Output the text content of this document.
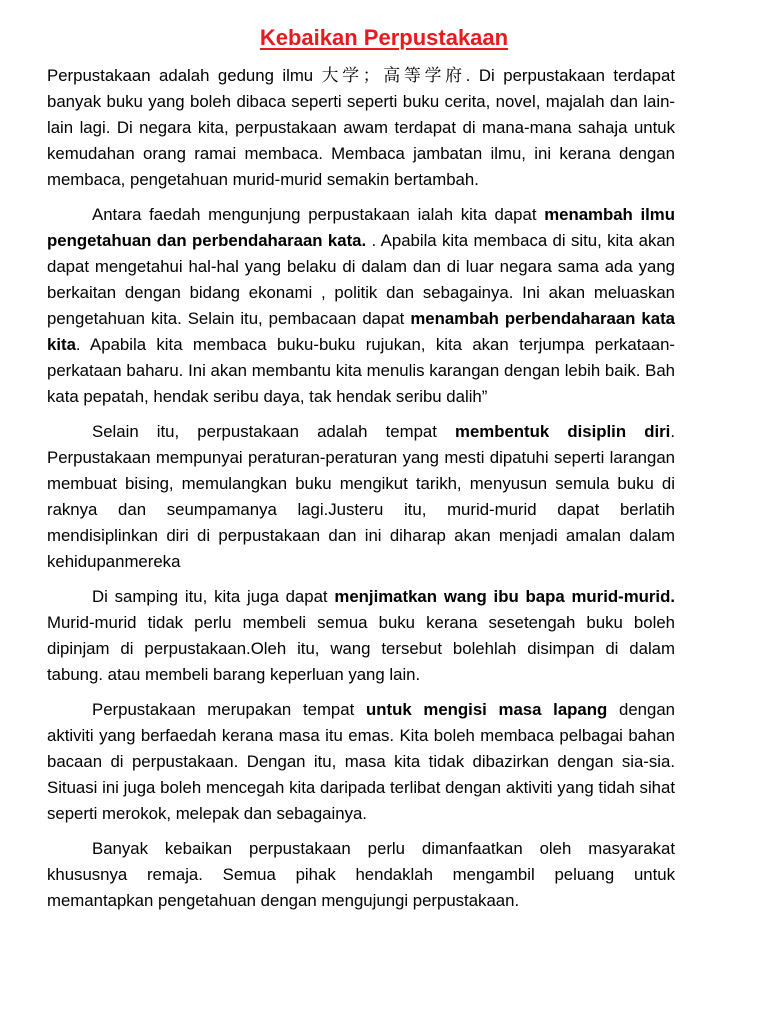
Kebaikan Perpustakaan

Perpustakaan adalah gedung ilmu 大学；高等学府. Di perpustakaan terdapat banyak buku yang boleh dibaca seperti seperti buku cerita, novel, majalah dan lain-lain lagi. Di negara kita, perpustakaan awam terdapat di mana-mana sahaja untuk kemudahan orang ramai membaca. Membaca jambatan ilmu, ini kerana dengan membaca, pengetahuan murid-murid semakin bertambah.

Antara faedah mengunjung perpustakaan ialah kita dapat menambah ilmu pengetahuan dan perbendaharaan kata. . Apabila kita membaca di situ, kita akan dapat mengetahui hal-hal yang belaku di dalam dan di luar negara sama ada yang berkaitan dengan bidang ekonami , politik dan sebagainya. Ini akan meluaskan pengetahuan kita. Selain itu, pembacaan dapat menambah perbendaharaan kata kita. Apabila kita membaca buku-buku rujukan, kita akan terjumpa perkataan-perkataan baharu. Ini akan membantu kita menulis karangan dengan lebih baik. Bah kata pepatah, hendak seribu daya, tak hendak seribu dalih”

Selain itu, perpustakaan adalah tempat membentuk disiplin diri. Perpustakaan mempunyai peraturan-peraturan yang mesti dipatuhi seperti larangan membuat bising, memulangkan buku mengikut tarikh, menyusun semula buku di raknya dan seumpamanya lagi.Justeru itu, murid-murid dapat berlatih mendisiplinkan diri di perpustakaan dan ini diharap akan menjadi amalan dalam kehidupanmereka

Di samping itu, kita juga dapat menjimatkan wang ibu bapa murid-murid. Murid-murid tidak perlu membeli semua buku kerana sesetengah buku boleh dipinjam di perpustakaan.Oleh itu, wang tersebut bolehlah disimpan di dalam tabung. atau membeli barang keperluan yang lain.

Perpustakaan merupakan tempat untuk mengisi masa lapang dengan aktiviti yang berfaedah kerana masa itu emas. Kita boleh membaca pelbagai bahan bacaan di perpustakaan. Dengan itu, masa kita tidak dibazirkan dengan sia-sia. Situasi ini juga boleh mencegah kita daripada terlibat dengan aktiviti yang tidah sihat seperti merokok, melepak dan sebagainya.

Banyak kebaikan perpustakaan perlu dimanfaatkan oleh masyarakat khususnya remaja. Semua pihak hendaklah mengambil peluang untuk memantapkan pengetahuan dengan mengujungi perpustakaan.
